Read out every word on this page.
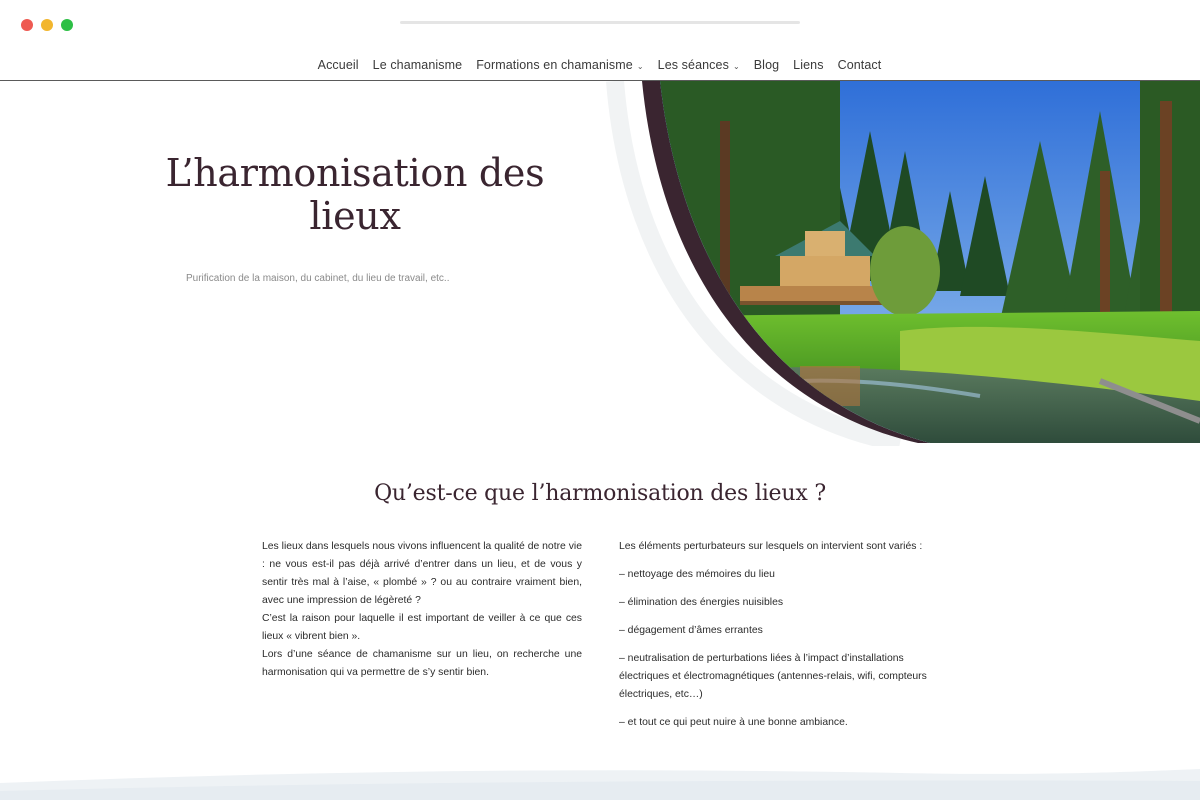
Accueil Le chamanisme Formations en chamanisme ⌄ Les séances ⌄ Blog Liens Contact
L’harmonisation des
lieux
Purification de la maison, du cabinet, du lieu de travail, etc..
Qu’est-ce que l’harmonisation des lieux ?

Les lieux dans lesquels nous vivons influencent la qualité de notre vie : ne vous est-il pas déjà arrivé d’entrer dans un lieu, et de vous y sentir très mal à l’aise, « plombé » ? ou au contraire vraiment bien, avec une impression de légèreté ?

C’est la raison pour laquelle il est important de veiller à ce que ces lieux « vibrent bien ».

Lors d’une séance de chamanisme sur un lieu, on recherche une harmonisation qui va permettre de s’y sentir bien.

Les éléments perturbateurs sur lesquels on intervient sont variés :

– nettoyage des mémoires du lieu

– élimination des énergies nuisibles

– dégagement d’âmes errantes

– neutralisation de perturbations liées à l’impact d’installations électriques et électromagnétiques (antennes-relais, wifi, compteurs électriques, etc…)

– et tout ce qui peut nuire à une bonne ambiance.
